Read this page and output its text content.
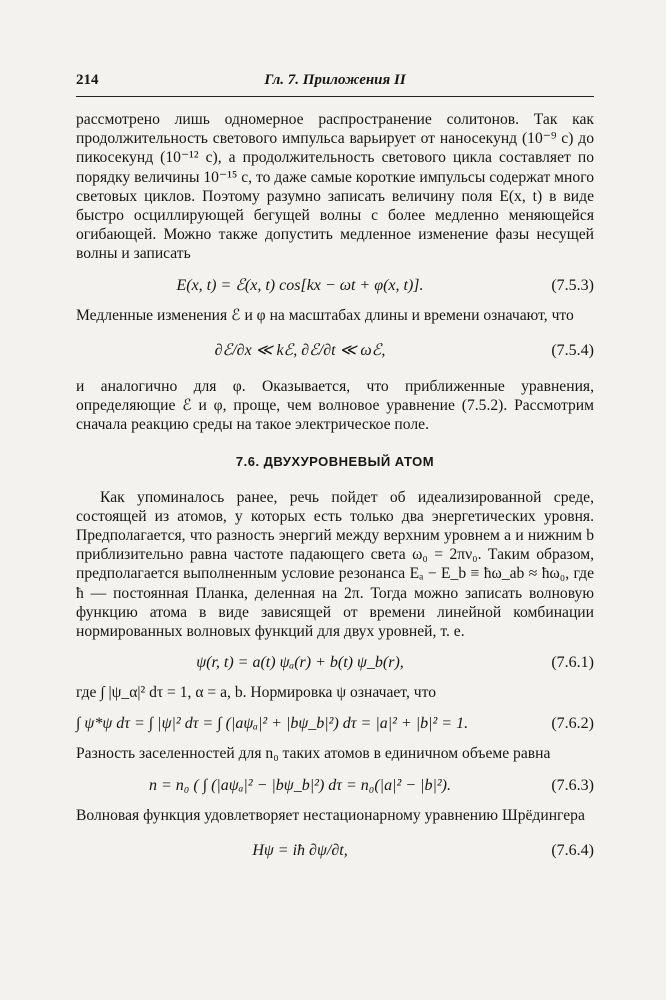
214	Гл. 7. Приложения II

рассмотрено лишь одномерное распространение солитонов. Так как продолжительность светового импульса варьирует от наносекунд (10⁻⁹ с) до пикосекунд (10⁻¹² с), а продолжительность светового цикла составляет по порядку величины 10⁻¹⁵ с, то даже самые короткие импульсы содержат много световых циклов. Поэтому разумно записать величину поля E(x, t) в виде быстро осциллирующей бегущей волны с более медленно меняющейся огибающей. Можно также допустить медленное изменение фазы несущей волны и записать

E(x, t) = ℰ(x, t) cos[kx − ωt + φ(x, t)].	(7.5.3)

Медленные изменения ℰ и φ на масштабах длины и времени означают, что

∂ℰ/∂x ≪ kℰ, ∂ℰ/∂t ≪ ωℰ,	(7.5.4)

и аналогично для φ. Оказывается, что приближенные уравнения, определяющие ℰ и φ, проще, чем волновое уравнение (7.5.2). Рассмотрим сначала реакцию среды на такое электрическое поле.

7.6. ДВУХУРОВНЕВЫЙ АТОМ

Как упоминалось ранее, речь пойдет об идеализированной среде, состоящей из атомов, у которых есть только два энергетических уровня. Предполагается, что разность энергий между верхним уровнем a и нижним b приблизительно равна частоте падающего света ω₀ = 2πν₀. Таким образом, предполагается выполненным условие резонанса Eₐ − E_b ≡ ħω_ab ≈ ħω₀, где ħ — постоянная Планка, деленная на 2π. Тогда можно записать волновую функцию атома в виде зависящей от времени линейной комбинации нормированных волновых функций для двух уровней, т. е.

ψ(r, t) = a(t) ψₐ(r) + b(t) ψ_b(r),	(7.6.1)

где ∫ |ψ_α|² dτ = 1, α = a, b. Нормировка ψ означает, что

∫ ψ*ψ dτ = ∫ |ψ|² dτ = ∫ (|aψₐ|² + |bψ_b|²) dτ = |a|² + |b|² = 1.	(7.6.2)

Разность заселенностей для n₀ таких атомов в единичном объеме равна

n = n₀ ( ∫ (|aψₐ|² − |bψ_b|²) dτ = n₀(|a|² − |b|²).	(7.6.3)

Волновая функция удовлетворяет нестационарному уравнению Шрёдингера

Hψ = iħ ∂ψ/∂t,	(7.6.4)
